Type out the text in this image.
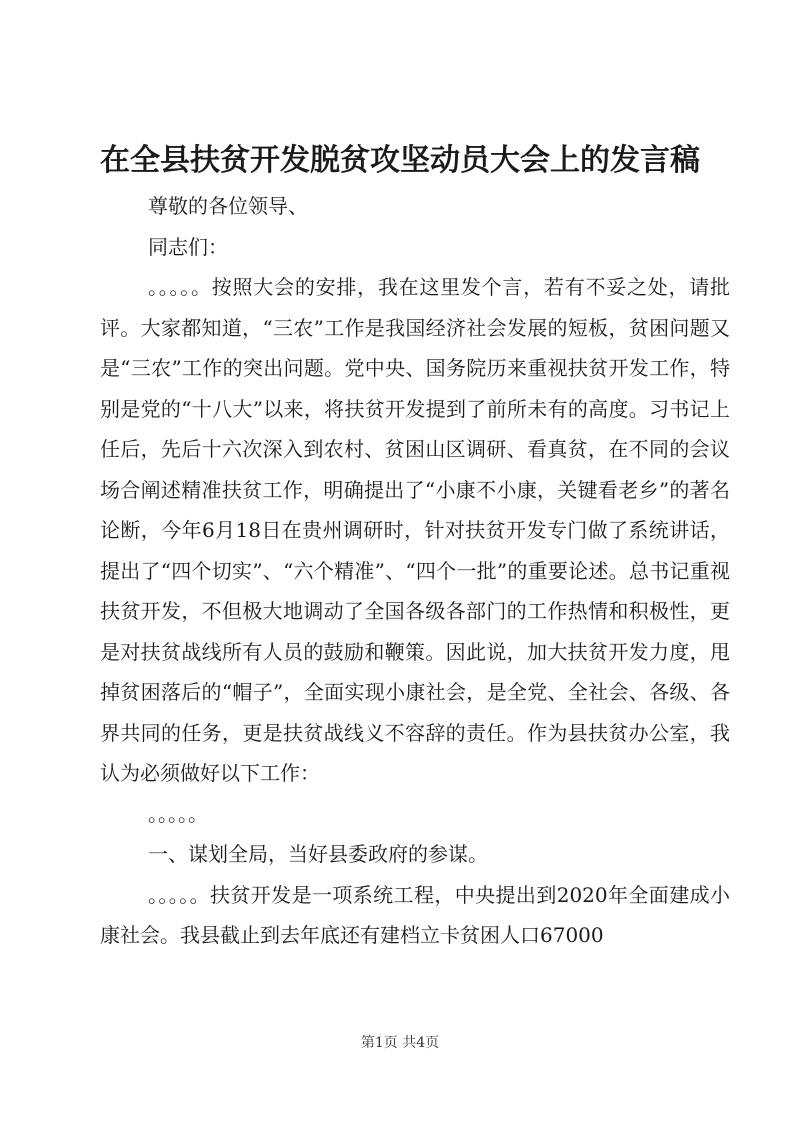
在全县扶贫开发脱贫攻坚动员大会上的发言稿

尊敬的各位领导、

同志们：

。。。。。按照大会的安排，我在这里发个言，若有不妥之处，请批评。大家都知道，“三农”工作是我国经济社会发展的短板，贫困问题又是“三农”工作的突出问题。党中央、国务院历来重视扶贫开发工作，特别是党的“十八大”以来，将扶贫开发提到了前所未有的高度。习书记上任后，先后十六次深入到农村、贫困山区调研、看真贫，在不同的会议场合阐述精准扶贫工作，明确提出了“小康不小康，关键看老乡”的著名论断，今年6月18日在贵州调研时，针对扶贫开发专门做了系统讲话，提出了“四个切实”、“六个精准”、“四个一批”的重要论述。总书记重视扶贫开发，不但极大地调动了全国各级各部门的工作热情和积极性，更是对扶贫战线所有人员的鼓励和鞭策。因此说，加大扶贫开发力度，甩掉贫困落后的“帽子”，全面实现小康社会，是全党、全社会、各级、各界共同的任务，更是扶贫战线义不容辞的责任。作为县扶贫办公室，我认为必须做好以下工作：

。。。。。

一、谋划全局，当好县委政府的参谋。

。。。。。扶贫开发是一项系统工程，中央提出到2020年全面建成小康社会。我县截止到去年底还有建档立卡贫困人口67000

第1页 共4页
